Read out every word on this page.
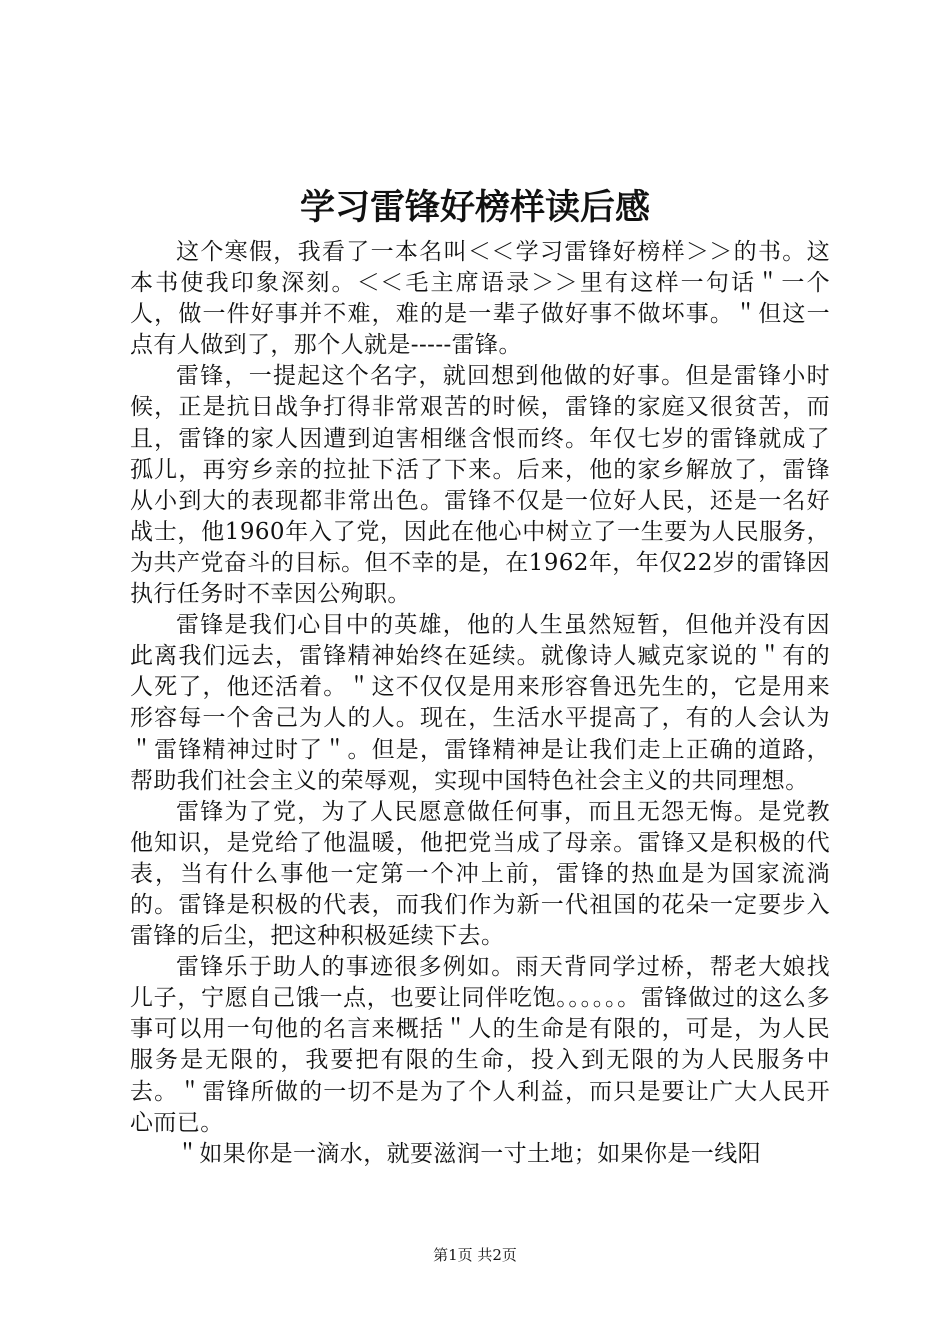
学习雷锋好榜样读后感

这个寒假，我看了一本名叫＜＜学习雷锋好榜样＞＞的书。这本书使我印象深刻。＜＜毛主席语录＞＞里有这样一句话＂一个人，做一件好事并不难，难的是一辈子做好事不做坏事。＂但这一点有人做到了，那个人就是-----雷锋。

雷锋，一提起这个名字，就回想到他做的好事。但是雷锋小时候，正是抗日战争打得非常艰苦的时候，雷锋的家庭又很贫苦，而且，雷锋的家人因遭到迫害相继含恨而终。年仅七岁的雷锋就成了孤儿，再穷乡亲的拉扯下活了下来。后来，他的家乡解放了，雷锋从小到大的表现都非常出色。雷锋不仅是一位好人民，还是一名好战士，他1960年入了党，因此在他心中树立了一生要为人民服务，为共产党奋斗的目标。但不幸的是，在1962年，年仅22岁的雷锋因执行任务时不幸因公殉职。

雷锋是我们心目中的英雄，他的人生虽然短暂，但他并没有因此离我们远去，雷锋精神始终在延续。就像诗人臧克家说的＂有的人死了，他还活着。＂这不仅仅是用来形容鲁迅先生的，它是用来形容每一个舍己为人的人。现在，生活水平提高了，有的人会认为＂雷锋精神过时了＂。但是，雷锋精神是让我们走上正确的道路，帮助我们社会主义的荣辱观，实现中国特色社会主义的共同理想。

雷锋为了党，为了人民愿意做任何事，而且无怨无悔。是党教他知识，是党给了他温暖，他把党当成了母亲。雷锋又是积极的代表，当有什么事他一定第一个冲上前，雷锋的热血是为国家流淌的。雷锋是积极的代表，而我们作为新一代祖国的花朵一定要步入雷锋的后尘，把这种积极延续下去。

雷锋乐于助人的事迹很多例如。雨天背同学过桥，帮老大娘找儿子，宁愿自己饿一点，也要让同伴吃饱。。。。。。雷锋做过的这么多事可以用一句他的名言来概括＂人的生命是有限的，可是，为人民服务是无限的，我要把有限的生命，投入到无限的为人民服务中去。＂雷锋所做的一切不是为了个人利益，而只是要让广大人民开心而已。

＂如果你是一滴水，就要滋润一寸土地；如果你是一线阳

第1页 共2页
